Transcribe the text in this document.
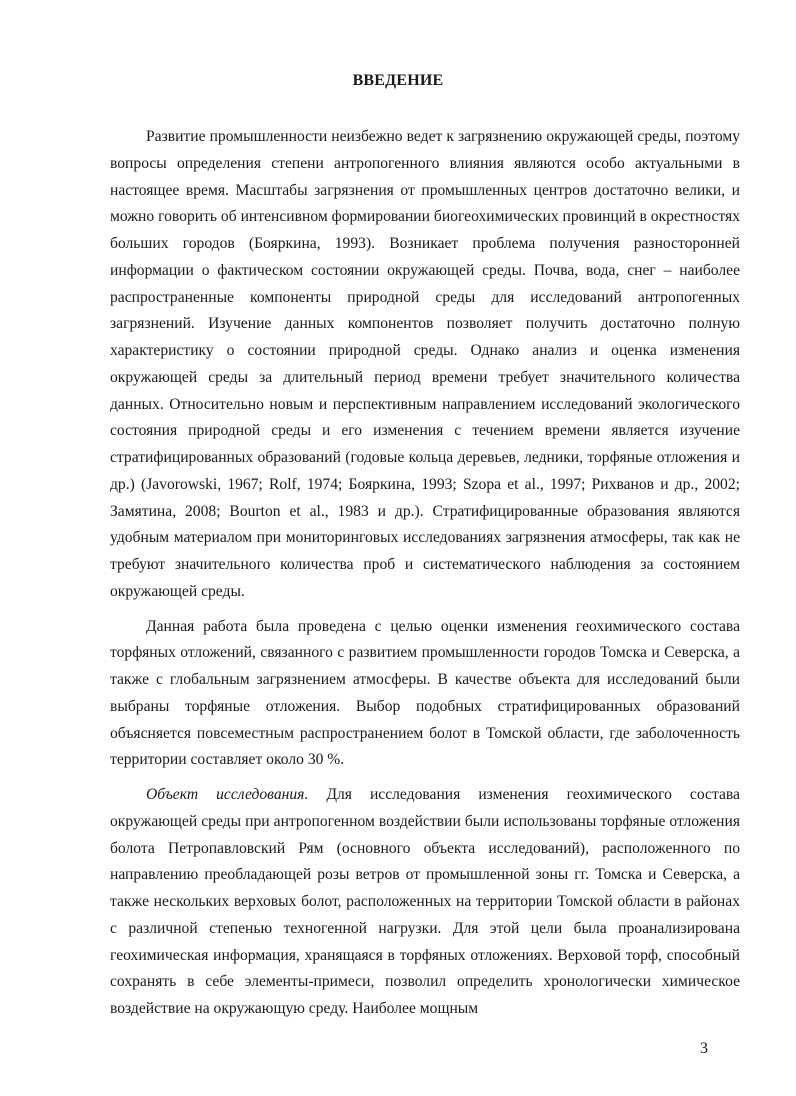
ВВЕДЕНИЕ

Развитие промышленности неизбежно ведет к загрязнению окружающей среды, поэтому вопросы определения степени антропогенного влияния являются особо актуальными в настоящее время. Масштабы загрязнения от промышленных центров достаточно велики, и можно говорить об интенсивном формировании биогеохимических провинций в окрестностях больших городов (Бояркина, 1993). Возникает проблема получения разносторонней информации о фактическом состоянии окружающей среды. Почва, вода, снег – наиболее распространенные компоненты природной среды для исследований антропогенных загрязнений. Изучение данных компонентов позволяет получить достаточно полную характеристику о состоянии природной среды. Однако анализ и оценка изменения окружающей среды за длительный период времени требует значительного количества данных. Относительно новым и перспективным направлением исследований экологического состояния природной среды и его изменения с течением времени является изучение стратифицированных образований (годовые кольца деревьев, ледники, торфяные отложения и др.) (Javorowski, 1967; Rolf, 1974; Бояркина, 1993; Szopa et al., 1997; Рихванов и др., 2002; Замятина, 2008; Bourton et al., 1983 и др.). Стратифицированные образования являются удобным материалом при мониторинговых исследованиях загрязнения атмосферы, так как не требуют значительного количества проб и систематического наблюдения за состоянием окружающей среды.

Данная работа была проведена с целью оценки изменения геохимического состава торфяных отложений, связанного с развитием промышленности городов Томска и Северска, а также с глобальным загрязнением атмосферы. В качестве объекта для исследований были выбраны торфяные отложения. Выбор подобных стратифицированных образований объясняется повсеместным распространением болот в Томской области, где заболоченность территории составляет около 30 %.

Объект исследования. Для исследования изменения геохимического состава окружающей среды при антропогенном воздействии были использованы торфяные отложения болота Петропавловский Рям (основного объекта исследований), расположенного по направлению преобладающей розы ветров от промышленной зоны гг. Томска и Северска, а также нескольких верховых болот, расположенных на территории Томской области в районах с различной степенью техногенной нагрузки. Для этой цели была проанализирована геохимическая информация, хранящаяся в торфяных отложениях. Верховой торф, способный сохранять в себе элементы-примеси, позволил определить хронологически химическое воздействие на окружающую среду. Наиболее мощным

3
